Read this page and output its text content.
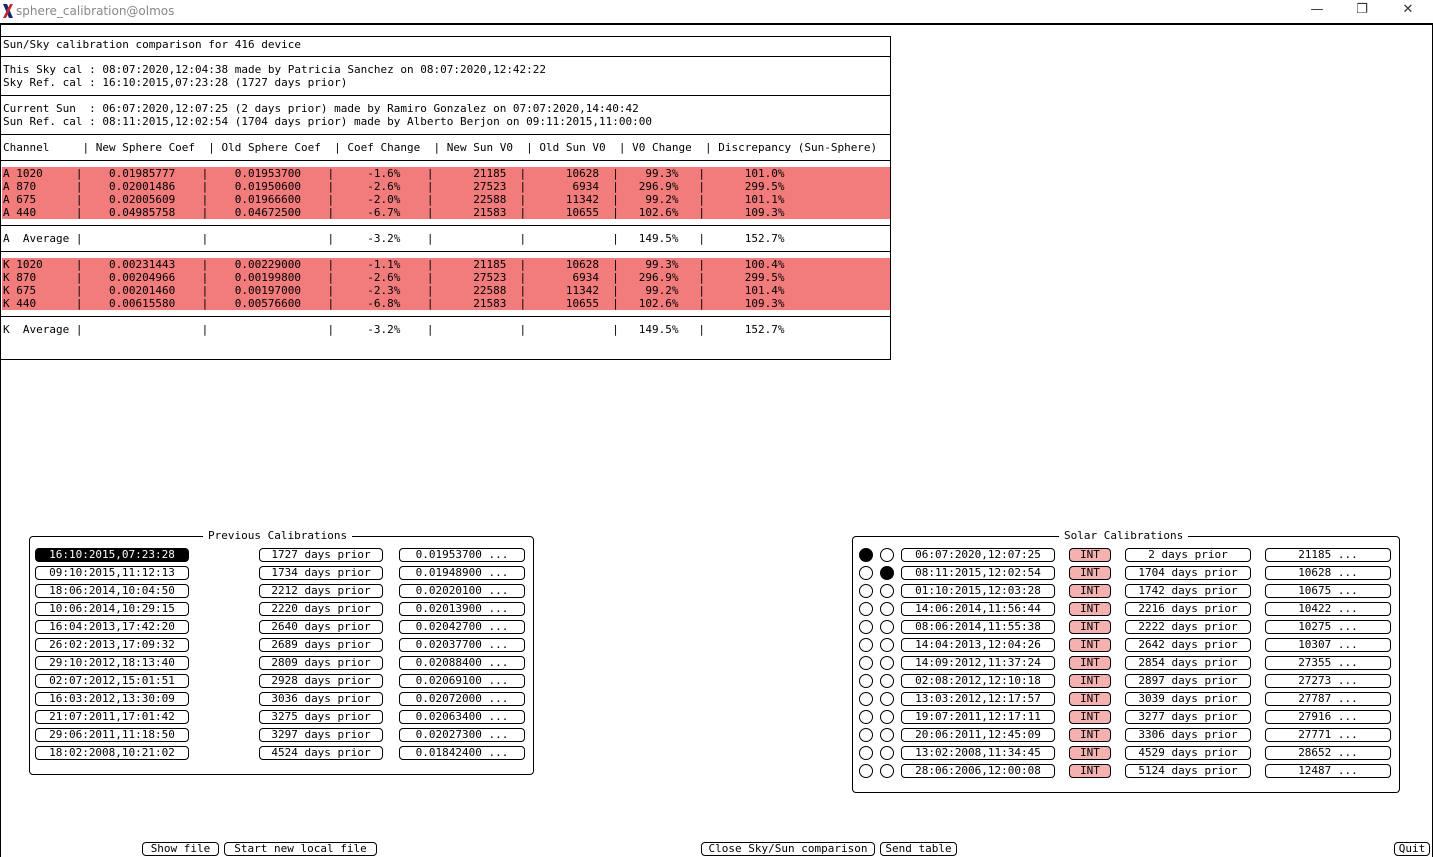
sphere_calibration@olmos	—	❐	✕

Sun/Sky calibration comparison for 416 device

This Sky cal : 08:07:2020,12:04:38 made by Patricia Sanchez on 08:07:2020,12:42:22

Sky Ref. cal : 16:10:2015,07:23:28 (1727 days prior)

Current Sun  : 06:07:2020,12:07:25 (2 days prior) made by Ramiro Gonzalez on 07:07:2020,14:40:42

Sun Ref. cal : 08:11:2015,12:02:54 (1704 days prior) made by Alberto Berjon on 09:11:2015,11:00:00

Channel     | New Sphere Coef  | Old Sphere Coef  | Coef Change  | New Sun V0  | Old Sun V0  | V0 Change  | Discrepancy (Sun-Sphere)

A 1020     |    0.01985777    |    0.01953700    |     -1.6%    |      21185  |      10628  |    99.3%   |      101.0%

A 870      |    0.02001486    |    0.01950600    |     -2.6%    |      27523  |       6934  |   296.9%   |      299.5%

A 675      |    0.02005609    |    0.01966600    |     -2.0%    |      22588  |      11342  |    99.2%   |      101.1%

A 440      |    0.04985758    |    0.04672500    |     -6.7%    |      21583  |      10655  |   102.6%   |      109.3%

A  Average |                  |                  |     -3.2%    |             |             |   149.5%   |      152.7%

K 1020     |    0.00231443    |    0.00229000    |     -1.1%    |      21185  |      10628  |    99.3%   |      100.4%

K 870      |    0.00204966    |    0.00199800    |     -2.6%    |      27523  |       6934  |   296.9%   |      299.5%

K 675      |    0.00201460    |    0.00197000    |     -2.3%    |      22588  |      11342  |    99.2%   |      101.4%

K 440      |    0.00615580    |    0.00576600    |     -6.8%    |      21583  |      10655  |   102.6%   |      109.3%

K  Average |                  |                  |     -3.2%    |             |             |   149.5%   |      152.7%

Previous Calibrations	Solar Calibrations
Show file	Start new local file	Close Sky/Sun comparison	Send table	Quit
16:10:2015,07:23:28	1727 days prior	0.01953700 ...
09:10:2015,11:12:13	1734 days prior	0.01948900 ...
18:06:2014,10:04:50	2212 days prior	0.02020100 ...
10:06:2014,10:29:15	2220 days prior	0.02013900 ...
16:04:2013,17:42:20	2640 days prior	0.02042700 ...
26:02:2013,17:09:32	2689 days prior	0.02037700 ...
29:10:2012,18:13:40	2809 days prior	0.02088400 ...
02:07:2012,15:01:51	2928 days prior	0.02069100 ...
16:03:2012,13:30:09	3036 days prior	0.02072000 ...
21:07:2011,17:01:42	3275 days prior	0.02063400 ...
29:06:2011,11:18:50	3297 days prior	0.02027300 ...
18:02:2008,10:21:02	4524 days prior	0.01842400 ...
06:07:2020,12:07:25	INT	2 days prior	21185 ...
08:11:2015,12:02:54	INT	1704 days prior	10628 ...
01:10:2015,12:03:28	INT	1742 days prior	10675 ...
14:06:2014,11:56:44	INT	2216 days prior	10422 ...
08:06:2014,11:55:38	INT	2222 days prior	10275 ...
14:04:2013,12:04:26	INT	2642 days prior	10307 ...
14:09:2012,11:37:24	INT	2854 days prior	27355 ...
02:08:2012,12:10:18	INT	2897 days prior	27273 ...
13:03:2012,12:17:57	INT	3039 days prior	27787 ...
19:07:2011,12:17:11	INT	3277 days prior	27916 ...
20:06:2011,12:45:09	INT	3306 days prior	27771 ...
13:02:2008,11:34:45	INT	4529 days prior	28652 ...
28:06:2006,12:00:08	INT	5124 days prior	12487 ...
